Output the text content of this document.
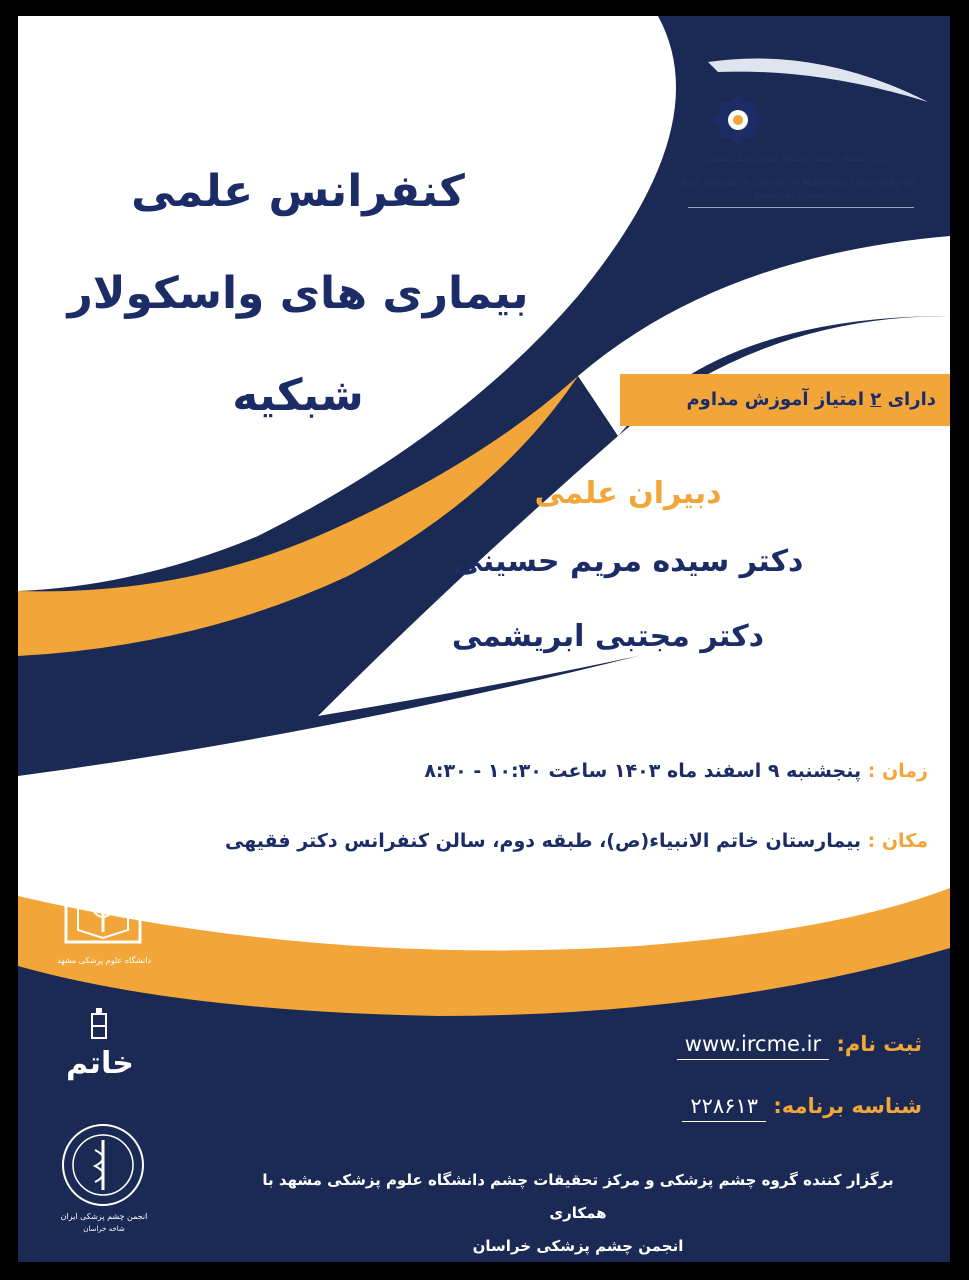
کنفرانس علمی
بیماری های واسکولار
شبکیه
مرکز تحقیقات چشم دانشگاه علوم پزشکی مشهد
Eye Research Center of Mashhad University of
Medical Sciences
دارای ۲ امتیاز آموزش مداوم
دبیران علمی
دکتر سیده مریم حسینی
دکتر مجتبی ابریشمی
زمان : پنجشنبه ۹ اسفند ماه ۱۴۰۳ ساعت ۱۰:۳۰ - ۸:۳۰
مکان : بیمارستان خاتم الانبیاء(ص)، طبقه دوم، سالن کنفرانس دکتر فقیهی
ثبت نام: www.ircme.ir
شناسه برنامه: ۲۲۸۶۱۳
برگزار کننده گروه چشم پزشکی و مرکز تحقیقات چشم دانشگاه علوم پزشکی مشهد با همکاری
انجمن چشم پزشکی خراسان
دانشگاه علوم پزشکی مشهد
خاتم
انجمن چشم پزشکی ایران
شاخه خراسان
